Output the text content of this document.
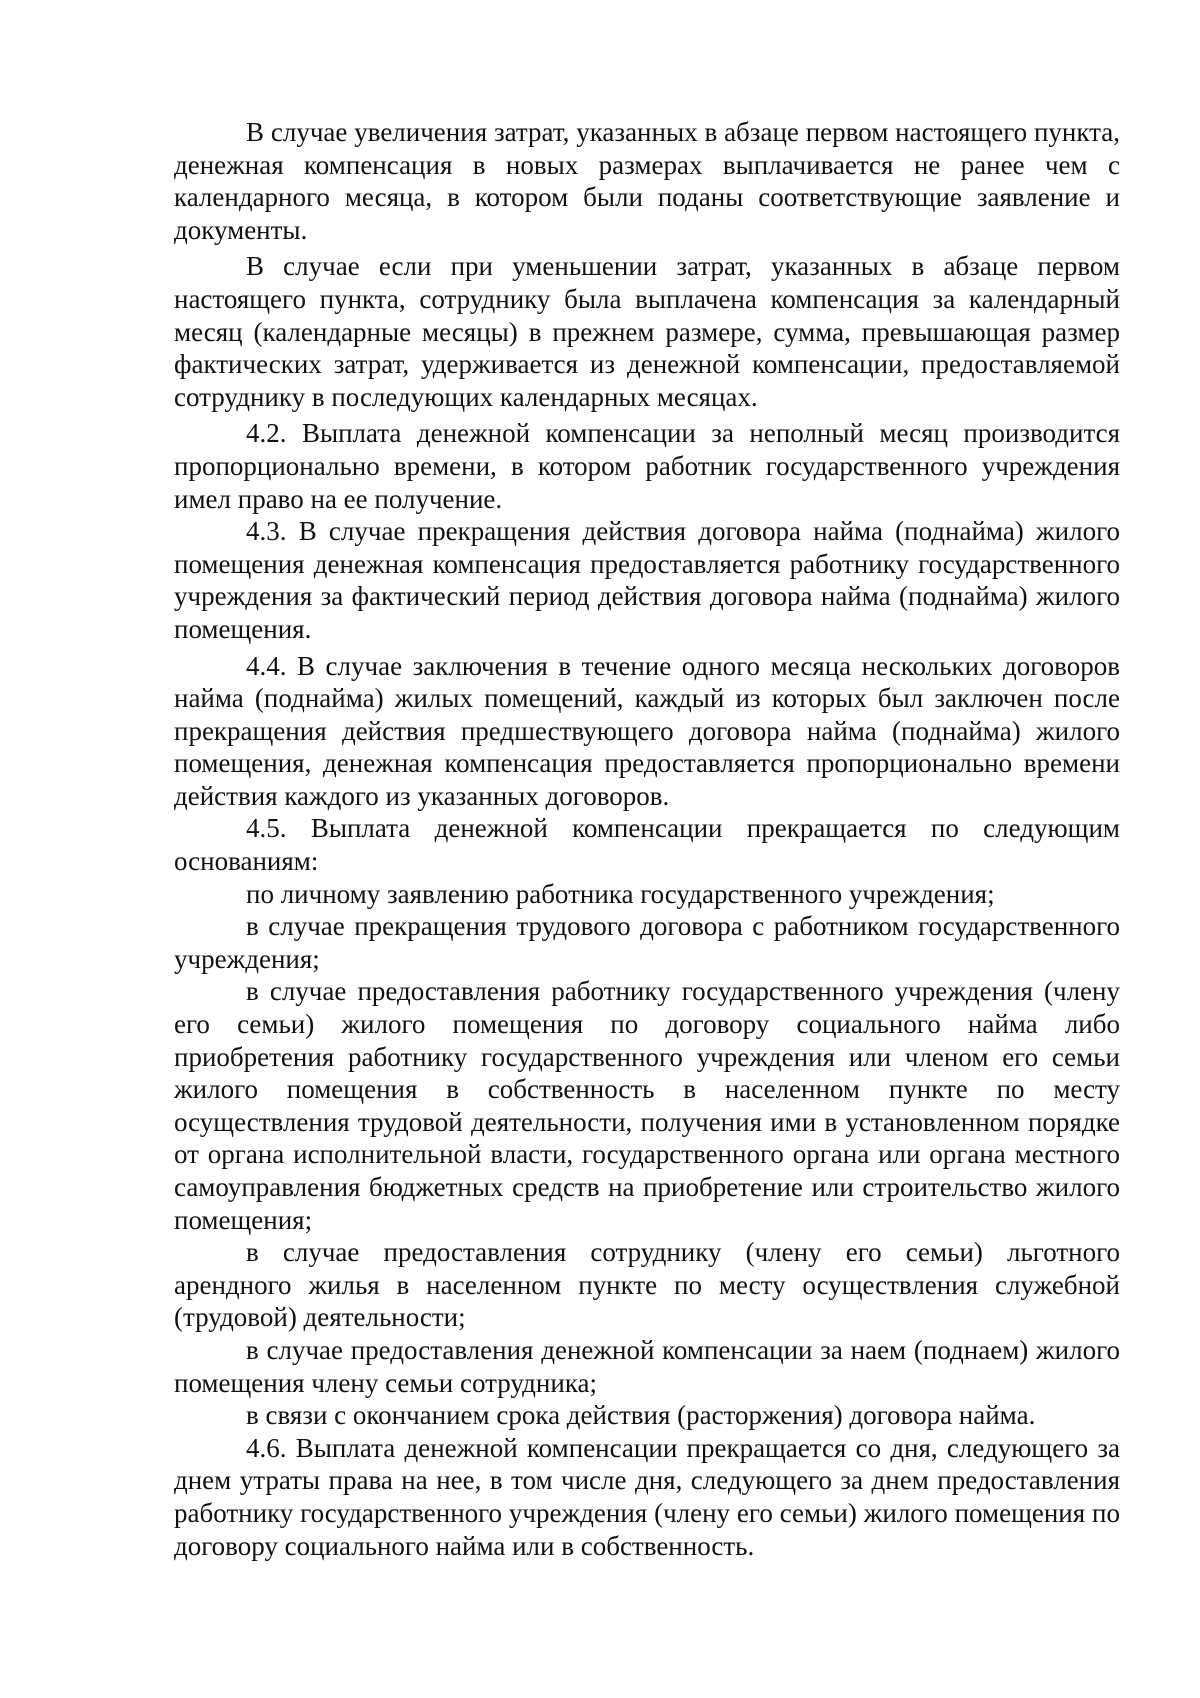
В случае увеличения затрат, указанных в абзаце первом настоящего пункта, денежная компенсация в новых размерах выплачивается не ранее чем с календарного месяца, в котором были поданы соответствующие заявление и документы.

В случае если при уменьшении затрат, указанных в абзаце первом настоящего пункта, сотруднику была выплачена компенсация за календарный месяц (календарные месяцы) в прежнем размере, сумма, превышающая размер фактических затрат, удерживается из денежной компенсации, предоставляемой сотруднику в последующих календарных месяцах.

4.2. Выплата денежной компенсации за неполный месяц производится пропорционально времени, в котором работник государственного учреждения имел право на ее получение.

4.3. В случае прекращения действия договора найма (поднайма) жилого помещения денежная компенсация предоставляется работнику государственного учреждения за фактический период действия договора найма (поднайма) жилого помещения.

4.4. В случае заключения в течение одного месяца нескольких договоров найма (поднайма) жилых помещений, каждый из которых был заключен после прекращения действия предшествующего договора найма (поднайма) жилого помещения, денежная компенсация предоставляется пропорционально времени действия каждого из указанных договоров.

4.5. Выплата денежной компенсации прекращается по следующим основаниям:

по личному заявлению работника государственного учреждения;

в случае прекращения трудового договора с работником государственного учреждения;

в случае предоставления работнику государственного учреждения (члену его семьи) жилого помещения по договору социального найма либо приобретения работнику государственного учреждения или членом его семьи жилого помещения в собственность в населенном пункте по месту осуществления трудовой деятельности, получения ими в установленном порядке от органа исполнительной власти, государственного органа или органа местного самоуправления бюджетных средств на приобретение или строительство жилого помещения;

в случае предоставления сотруднику (члену его семьи) льготного арендного жилья в населенном пункте по месту осуществления служебной (трудовой) деятельности;

в случае предоставления денежной компенсации за наем (поднаем) жилого помещения члену семьи сотрудника;

в связи с окончанием срока действия (расторжения) договора найма.

4.6. Выплата денежной компенсации прекращается со дня, следующего за днем утраты права на нее, в том числе дня, следующего за днем предоставления работнику государственного учреждения (члену его семьи) жилого помещения по договору социального найма или в собственность.
